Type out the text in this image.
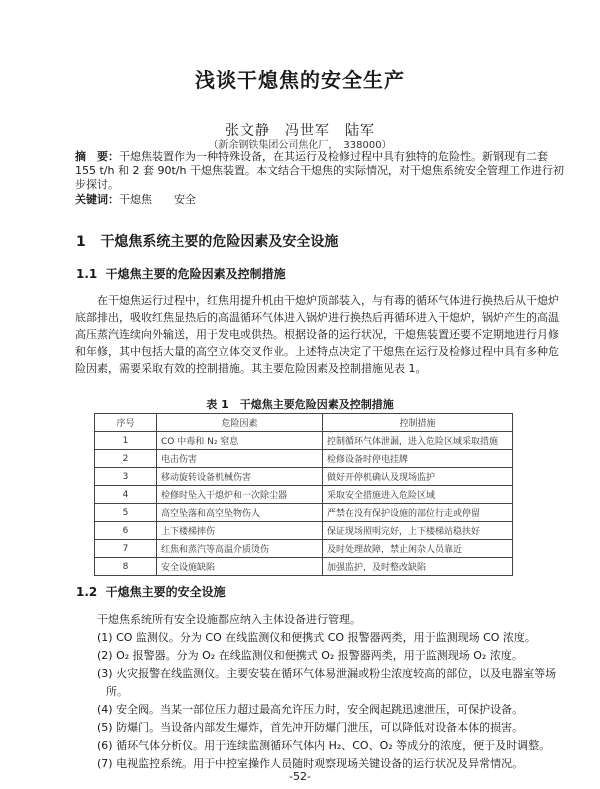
浅谈干熄焦的安全生产
张文静　冯世军　陆军
（新余钢铁集团公司焦化厂，　338000）
摘　要：干熄焦装置作为一种特殊设备，在其运行及检修过程中具有独特的危险性。新钢现有二套
155 t/h 和 2 套 90t/h 干熄焦装置。本文结合干熄焦的实际情况，对干熄焦系统安全管理工作进行初
步探讨。
关键词：干熄焦　　安全
1 干熄焦系统主要的危险因素及安全设施
1.1 干熄焦主要的危险因素及控制措施
在干熄焦运行过程中，红焦用提升机由干熄炉顶部装入，与有毒的循环气体进行换热后从干熄炉
底部排出，吸收红焦显热后的高温循环气体进入锅炉进行换热后再循环进入干熄炉，锅炉产生的高温
高压蒸汽连续向外输送，用于发电或供热。根据设备的运行状况，干熄焦装置还要不定期地进行月修
和年修，其中包括大量的高空立体交叉作业。上述特点决定了干熄焦在运行及检修过程中具有多种危
险因素，需要采取有效的控制措施。其主要危险因素及控制措施见表 1。
表 1　干熄焦主要危险因素及控制措施
序号	危险因素	控制措施
1	CO 中毒和 N₂ 窒息	控制循环气体泄漏，进入危险区域采取措施
2	电击伤害	检修设备时停电挂牌
3	移动旋转设备机械伤害	做好开停机确认及现场监护
4	检修时坠入干熄炉和一次除尘器	采取安全措施进入危险区域
5	高空坠落和高空坠物伤人	严禁在没有保护设施的部位行走或停留
6	上下楼梯摔伤	保证现场照明完好，上下楼梯站稳扶好
7	红焦和蒸汽等高温介质烫伤	及时处理故障，禁止闲杂人员靠近
8	安全设施缺陷	加强监护，及时整改缺陷
1.2 干熄焦主要的安全设施
干熄焦系统所有安全设施都应纳入主体设备进行管理。
(1) CO 监测仪。分为 CO 在线监测仪和便携式 CO 报警器两类，用于监测现场 CO 浓度。
(2) O₂ 报警器。分为 O₂ 在线监测仪和便携式 O₂ 报警器两类，用于监测现场 O₂ 浓度。
(3) 火灾报警在线监测仪。主要安装在循环气体易泄漏或粉尘浓度较高的部位，以及电器室等场
所。
(4) 安全阀。当某一部位压力超过最高允许压力时，安全阀起跳迅速泄压，可保护设备。
(5) 防爆门。当设备内部发生爆炸，首先冲开防爆门泄压，可以降低对设备本体的损害。
(6) 循环气体分析仪。用于连续监测循环气体内 H₂、CO、O₂ 等成分的浓度，便于及时调整。
(7) 电视监控系统。用于中控室操作人员随时观察现场关键设备的运行状况及异常情况。
-52-
